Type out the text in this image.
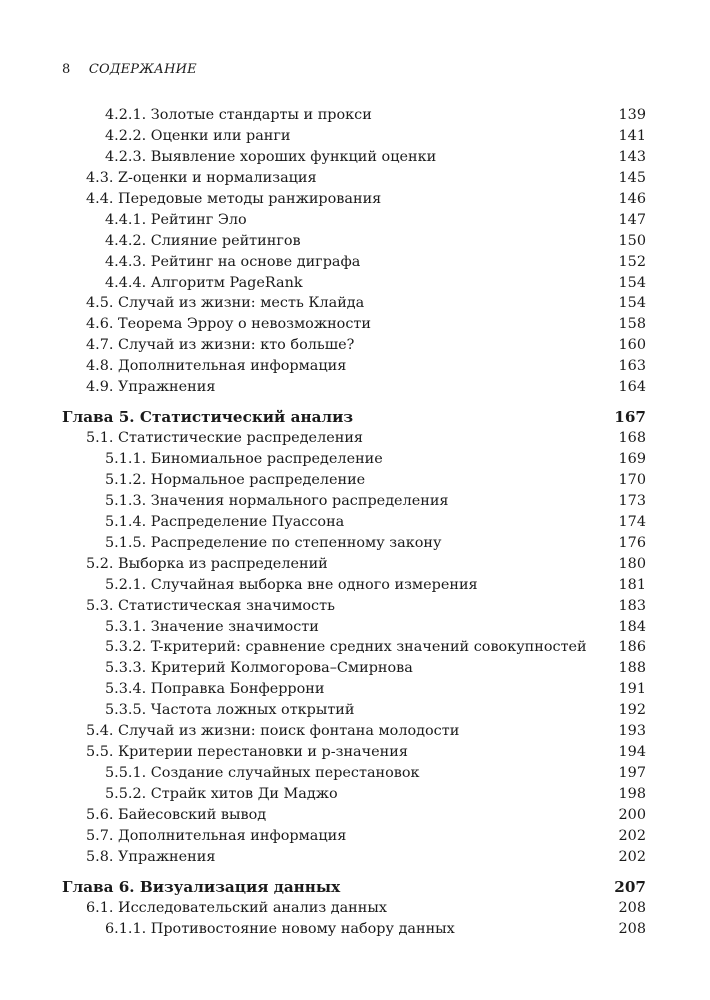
8 СОДЕРЖАНИЕ
4.2.1. Золотые стандарты и прокси	139
4.2.2. Оценки или ранги	141
4.2.3. Выявление хороших функций оценки	143
4.3. Z-оценки и нормализация	145
4.4. Передовые методы ранжирования	146
4.4.1. Рейтинг Эло	147
4.4.2. Слияние рейтингов	150
4.4.3. Рейтинг на основе диграфа	152
4.4.4. Алгоритм PageRank	154
4.5. Случай из жизни: месть Клайда	154
4.6. Теорема Эрроу о невозможности	158
4.7. Случай из жизни: кто больше?	160
4.8. Дополнительная информация	163
4.9. Упражнения	164
Глава 5. Статистический анализ	167
5.1. Статистические распределения	168
5.1.1. Биномиальное распределение	169
5.1.2. Нормальное распределение	170
5.1.3. Значения нормального распределения	173
5.1.4. Распределение Пуассона	174
5.1.5. Распределение по степенному закону	176
5.2. Выборка из распределений	180
5.2.1. Случайная выборка вне одного измерения	181
5.3. Статистическая значимость	183
5.3.1. Значение значимости	184
5.3.2. T-критерий: сравнение средних значений совокупностей 186
5.3.3. Критерий Колмогорова–Смирнова	188
5.3.4. Поправка Бонферрони	191
5.3.5. Частота ложных открытий	192
5.4. Случай из жизни: поиск фонтана молодости	193
5.5. Критерии перестановки и p-значения	194
5.5.1. Создание случайных перестановок	197
5.5.2. Страйк хитов Ди Маджо	198
5.6. Байесовский вывод	200
5.7. Дополнительная информация	202
5.8. Упражнения	202
Глава 6. Визуализация данных	207
6.1. Исследовательский анализ данных	208
6.1.1. Противостояние новому набору данных	208
